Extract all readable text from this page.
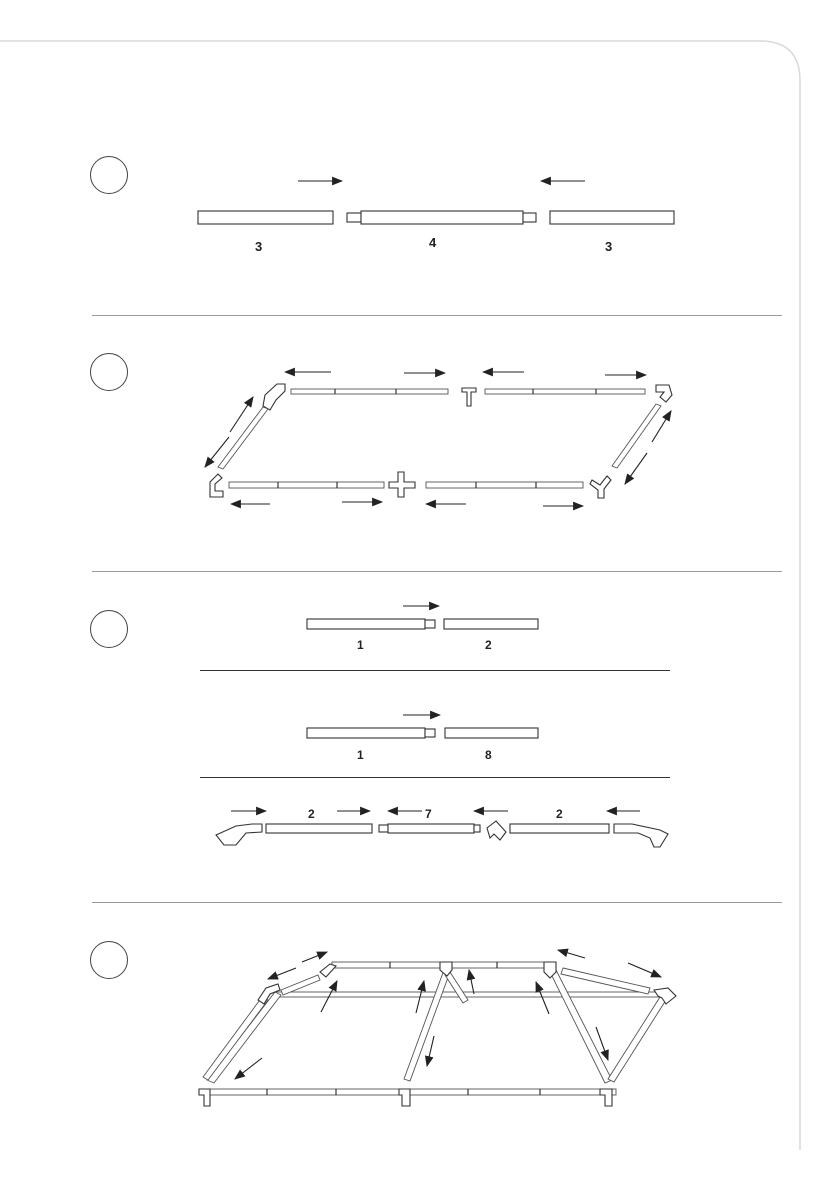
3	4	3
1	2
1	8
2	7	2
